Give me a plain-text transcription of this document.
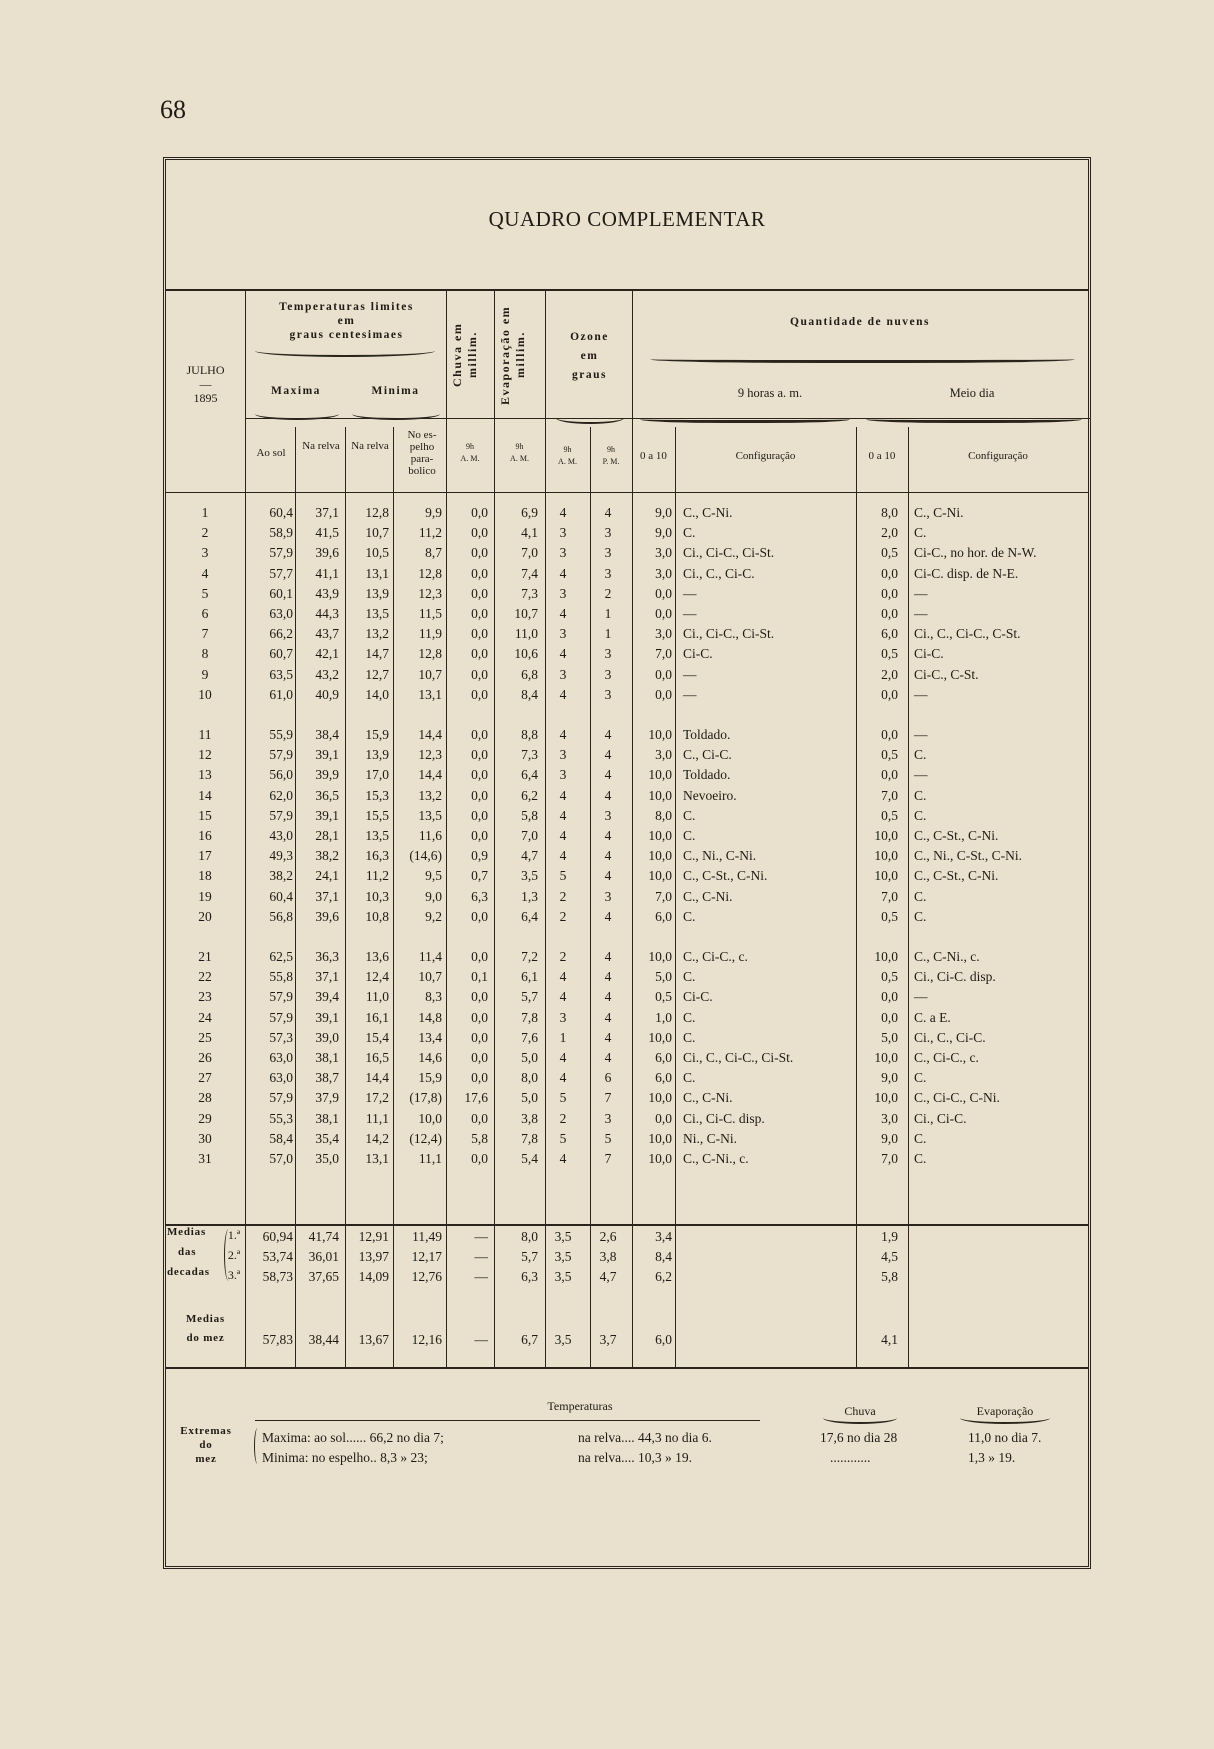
68
QUADRO COMPLEMENTAR
JULHO
—
1895
Temperaturas limites
em
graus centesimaes
Maxima	Minima
Ao sol
Na relva	Na relva
No es- pelho para- bolico
Chuva em millim.	Evaporação em millim.	Ozone
em
graus
9h
A. M.
9h
A. M.
9h
A. M.
9h
P. M.
Quantidade de nuvens
9 horas a. m.	Meio dia
0 a 10	Configuração	0 a 10	Configuração
1	60,4	37,1	12,8	9,9	0,0	6,9	4	4	9,0 C., C-Ni.	8,0 C., C-Ni.
2	58,9	41,5	10,7	11,2	0,0	4,1	3	3	9,0 C.	2,0 C.
3	57,9	39,6	10,5	8,7	0,0	7,0	3	3	3,0 Ci., Ci-C., Ci-St.	0,5 Ci-C., no hor. de N-W.
4	57,7	41,1	13,1	12,8	0,0	7,4	4	3	3,0 Ci., C., Ci-C.	0,0 Ci-C. disp. de N-E.
5	60,1	43,9	13,9	12,3	0,0	7,3	3	2	0,0 —	0,0 —
6	63,0	44,3	13,5	11,5	0,0	10,7	4	1	0,0 —	0,0 —
7	66,2	43,7	13,2	11,9	0,0	11,0	3	1	3,0 Ci., Ci-C., Ci-St.	6,0 Ci., C., Ci-C., C-St.
8	60,7	42,1	14,7	12,8	0,0	10,6	4	3	7,0 Ci-C.	0,5 Ci-C.
9	63,5	43,2	12,7	10,7	0,0	6,8	3	3	0,0 —	2,0 Ci-C., C-St.
10	61,0	40,9	14,0	13,1	0,0	8,4	4	3	0,0 —	0,0 —
11	55,9	38,4	15,9	14,4	0,0	8,8	4	4	10,0 Toldado.	0,0 —
12	57,9	39,1	13,9	12,3	0,0	7,3	3	4	3,0 C., Ci-C.	0,5 C.
13	56,0	39,9	17,0	14,4	0,0	6,4	3	4	10,0 Toldado.	0,0 —
14	62,0	36,5	15,3	13,2	0,0	6,2	4	4	10,0 Nevoeiro.	7,0 C.
15	57,9	39,1	15,5	13,5	0,0	5,8	4	3	8,0 C.	0,5 C.
16	43,0	28,1	13,5	11,6	0,0	7,0	4	4	10,0 C.	10,0 C., C-St., C-Ni.
17	49,3	38,2	16,3	(14,6)	0,9	4,7	4	4	10,0 C., Ni., C-Ni.	10,0 C., Ni., C-St., C-Ni.
18	38,2	24,1	11,2	9,5	0,7	3,5	5	4	10,0 C., C-St., C-Ni.	10,0 C., C-St., C-Ni.
19	60,4	37,1	10,3	9,0	6,3	1,3	2	3	7,0 C., C-Ni.	7,0 C.
20	56,8	39,6	10,8	9,2	0,0	6,4	2	4	6,0 C.	0,5 C.
21	62,5	36,3	13,6	11,4	0,0	7,2	2	4	10,0 C., Ci-C., c.	10,0 C., C-Ni., c.
22	55,8	37,1	12,4	10,7	0,1	6,1	4	4	5,0 C.	0,5 Ci., Ci-C. disp.
23	57,9	39,4	11,0	8,3	0,0	5,7	4	4	0,5 Ci-C.	0,0 —
24	57,9	39,1	16,1	14,8	0,0	7,8	3	4	1,0 C.	0,0 C. a E.
25	57,3	39,0	15,4	13,4	0,0	7,6	1	4	10,0 C.	5,0 Ci., C., Ci-C.
26	63,0	38,1	16,5	14,6	0,0	5,0	4	4	6,0 Ci., C., Ci-C., Ci-St.	10,0 C., Ci-C., c.
27	63,0	38,7	14,4	15,9	0,0	8,0	4	6	6,0 C.	9,0 C.
28	57,9	37,9	17,2	(17,8)	17,6	5,0	5	7	10,0 C., C-Ni.	10,0 C., Ci-C., C-Ni.
29	55,3	38,1	11,1	10,0	0,0	3,8	2	3	0,0 Ci., Ci-C. disp.	3,0 Ci., Ci-C.
30	58,4	35,4	14,2	(12,4)	5,8	7,8	5	5	10,0 Ni., C-Ni.	9,0 C.
31	57,0	35,0	13,1	11,1	0,0	5,4	4	7	10,0 C., C-Ni., c.	7,0 C.
60,94	41,74	12,91	11,49	—	8,0	3,5	2,6	3,4	1,9
53,74	36,01	13,97	12,17	—	5,7	3,5	3,8	8,4	4,5
58,73	37,65	14,09	12,76	—	6,3	3,5	4,7	6,2	5,8
57,83	38,44	13,67	12,16	—	6,7	3,5	3,7	6,0	4,1
Medias
das
decadas
1.ª
2.ª
3.ª
Medias
do mez
Temperaturas	Chuva	Evaporação
Extremas
do
mez
Maxima: ao sol...... 66,2 no dia 7;	na relva.... 44,3 no dia 6.	17,6 no dia 28	11,0 no dia 7.
Minima: no espelho.. 8,3 » 23;	na relva.... 10,3 » 19.	............	1,3 » 19.
